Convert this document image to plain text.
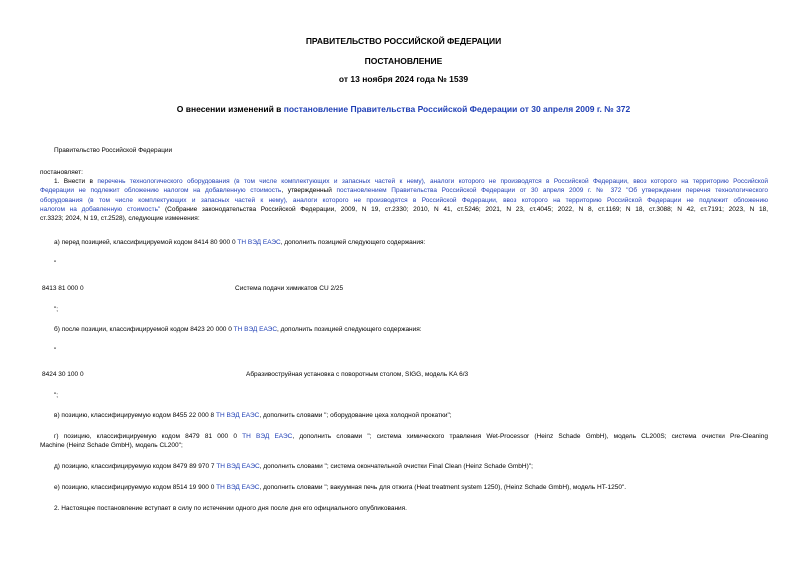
ПРАВИТЕЛЬСТВО РОССИЙСКОЙ ФЕДЕРАЦИИ
ПОСТАНОВЛЕНИЕ
от 13 ноября 2024 года № 1539
О внесении изменений в постановление Правительства Российской Федерации от 30 апреля 2009 г. № 372
Правительство Российской Федерации
постановляет:
1. Внести в перечень технологического оборудования (в том числе комплектующих и запасных частей к нему), аналоги которого не производятся в Российской Федерации, ввоз которого на территорию Российской
Федерации не подлежит обложению налогом на добавленную стоимость, утвержденный постановлением Правительства Российской Федерации от 30 апреля 2009 г. № 372 "Об утверждении перечня технологического
оборудования (в том числе комплектующих и запасных частей к нему), аналоги которого не производятся в Российской Федерации, ввоз которого на территорию Российской Федерации не подлежит обложению
налогом на добавленную стоимость" (Собрание законодательства Российской Федерации, 2009, N 19, ст.2330; 2010, N 41, ст.5246; 2021, N 23, ст.4045; 2022, N 8, ст.1169; N 18, ст.3088; N 42, ст.7191; 2023, N 18,
ст.3323; 2024, N 19, ст.2528), следующие изменения:
а) перед позицией, классифицируемой кодом 8414 80 900 0 ТН ВЭД ЕАЭС, дополнить позицией следующего содержания:
"
8413 81 000 0	Система подачи химикатов CU 2/25
";
б) после позиции, классифицируемой кодом 8423 20 000 0 ТН ВЭД ЕАЭС, дополнить позицией следующего содержания:
"
8424 30 100 0	Абразивоструйная установка с поворотным столом, SIGG, модель KA 6/3
";
в) позицию, классифицируемую кодом 8455 22 000 8 ТН ВЭД ЕАЭС, дополнить словами "; оборудование цеха холодной прокатки";
г) позицию, классифицируемую кодом 8479 81 000 0 ТН ВЭД ЕАЭС, дополнить словами "; система химического травления Wet-Processor (Heinz Schade GmbH), модель CL200S; система очистки Pre-Cleaning
Machine (Heinz Schade GmbH), модель CL200";
д) позицию, классифицируемую кодом 8479 89 970 7 ТН ВЭД ЕАЭС, дополнить словами "; система окончательной очистки Final Clean (Heinz Schade GmbH)";
е) позицию, классифицируемую кодом 8514 19 900 0 ТН ВЭД ЕАЭС, дополнить словами "; вакуумная печь для отжига (Heat treatment system 1250), (Heinz Schade GmbH), модель HT-1250".
2. Настоящее постановление вступает в силу по истечении одного дня после дня его официального опубликования.
